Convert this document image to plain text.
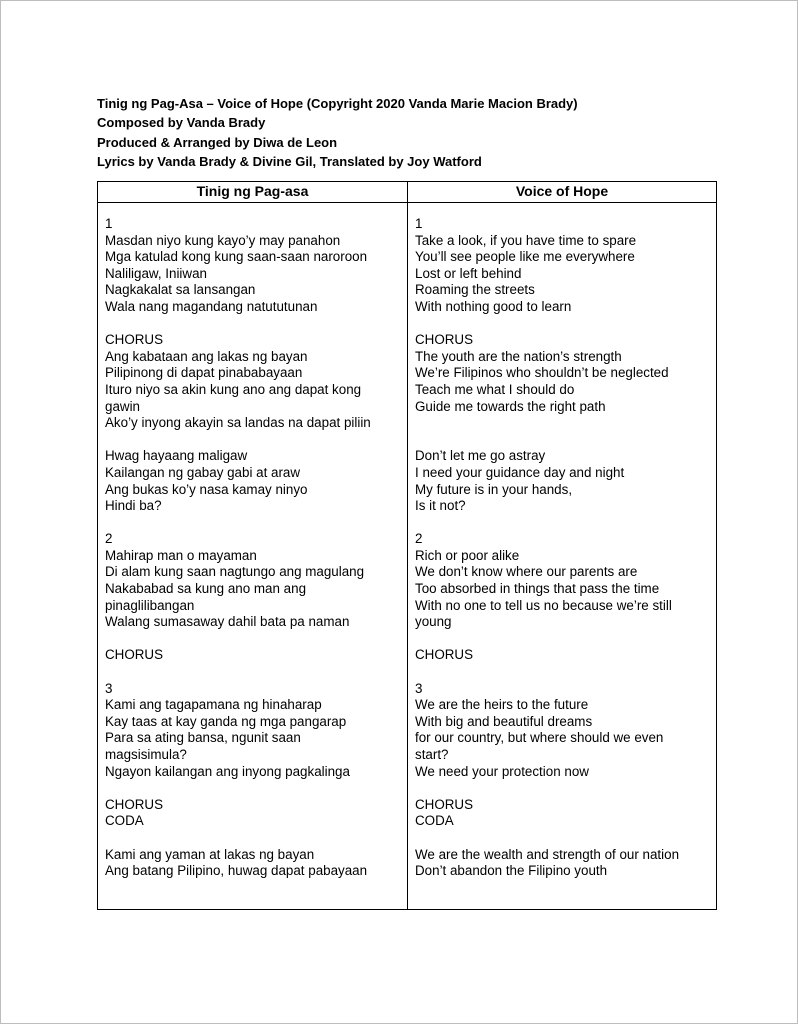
Tinig ng Pag-Asa – Voice of Hope (Copyright 2020 Vanda Marie Macion Brady)
Composed by Vanda Brady
Produced & Arranged by Diwa de Leon
Lyrics by Vanda Brady & Divine Gil, Translated by Joy Watford
Tinig ng Pag-asa
1
Masdan niyo kung kayo’y may panahon
Mga katulad kong kung saan-saan naroroon
Naliligaw, Iniiwan
Nagkakalat sa lansangan
Wala nang magandang natututunan
CHORUS
Ang kabataan ang lakas ng bayan
Pilipinong di dapat pinababayaan
Ituro niyo sa akin kung ano ang dapat kong
gawin
Ako’y inyong akayin sa landas na dapat piliin
Hwag hayaang maligaw
Kailangan ng gabay gabi at araw
Ang bukas ko’y nasa kamay ninyo
Hindi ba?
2
Mahirap man o mayaman
Di alam kung saan nagtungo ang magulang
Nakababad sa kung ano man ang
pinaglilibangan
Walang sumasaway dahil bata pa naman
CHORUS
3
Kami ang tagapamana ng hinaharap
Kay taas at kay ganda ng mga pangarap
Para sa ating bansa, ngunit saan
magsisimula?
Ngayon kailangan ang inyong pagkalinga
CHORUS
CODA
Kami ang yaman at lakas ng bayan
Ang batang Pilipino, huwag dapat pabayaan
Voice of Hope
1
Take a look, if you have time to spare
You’ll see people like me everywhere
Lost or left behind
Roaming the streets
With nothing good to learn
CHORUS
The youth are the nation’s strength
We’re Filipinos who shouldn’t be neglected
Teach me what I should do
Guide me towards the right path
Don’t let me go astray
I need your guidance day and night
My future is in your hands,
Is it not?
2
Rich or poor alike
We don’t know where our parents are
Too absorbed in things that pass the time
With no one to tell us no because we’re still
young
CHORUS
3
We are the heirs to the future
With big and beautiful dreams
for our country, but where should we even
start?
We need your protection now
CHORUS
CODA
We are the wealth and strength of our nation
Don’t abandon the Filipino youth
